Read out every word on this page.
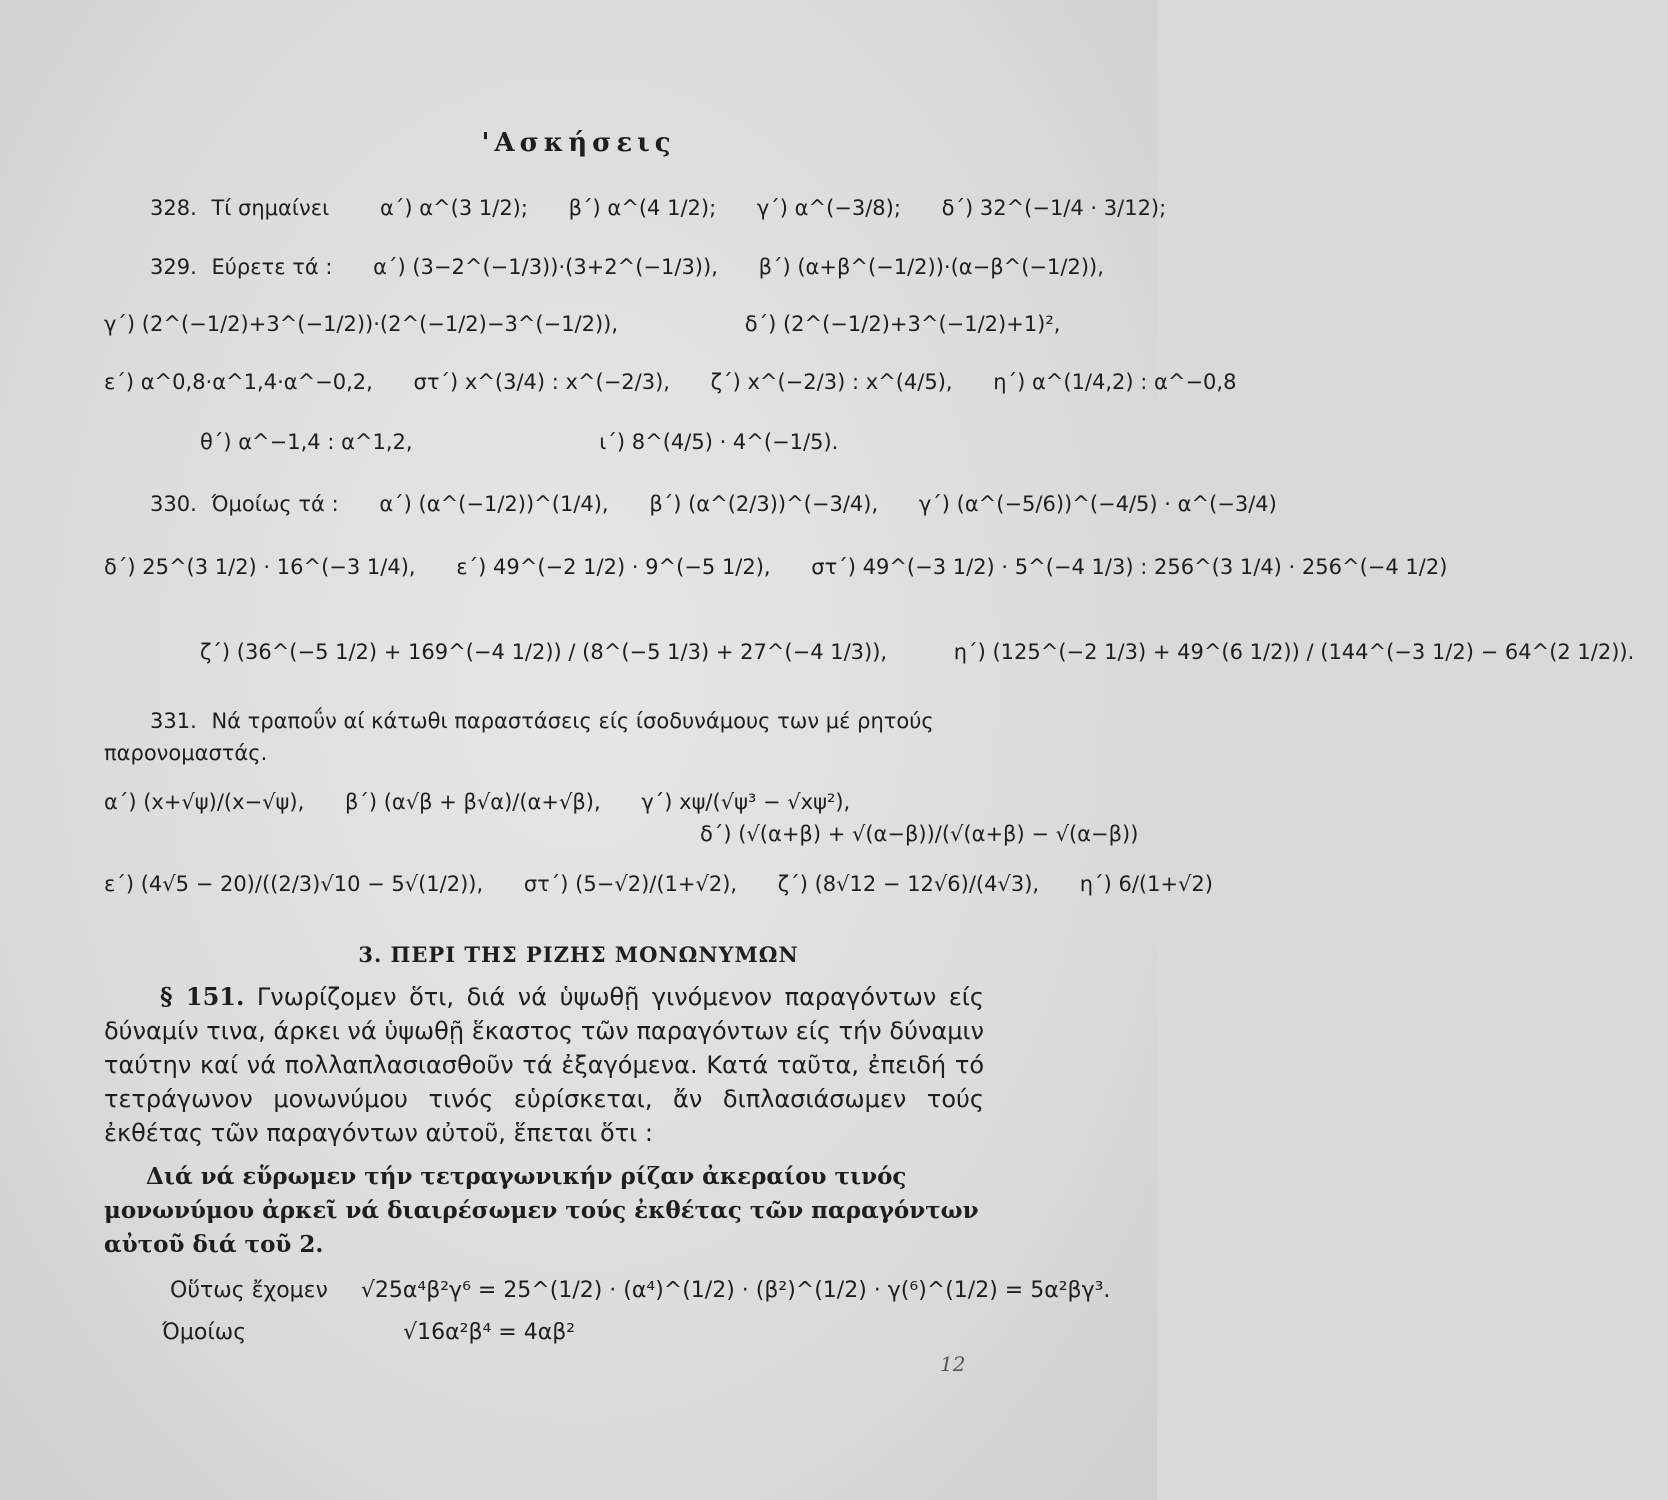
'Ασκήσεις
328. Τί σημαίνει α΄) α^(3 1/2); β΄) α^(4 1/2); γ΄) α^(−3/8); δ΄) 32^(−1/4 · 3/12);
329. Εύρετε τά : α΄) (3−2^(−1/3))·(3+2^(−1/3)), β΄) (α+β^(−1/2))·(α−β^(−1/2)),
γ΄) (2^(−1/2)+3^(−1/2))·(2^(−1/2)−3^(−1/2)),	δ΄) (2^(−1/2)+3^(−1/2)+1)²,
ε΄) α^0,8·α^1,4·α^−0,2, στ΄) x^(3/4) : x^(−2/3), ζ΄) x^(−2/3) : x^(4/5), η΄) α^(1/4,2) : α^−0,8
θ΄) α^−1,4 : α^1,2,	ι΄) 8^(4/5) · 4^(−1/5).
330. Όμοίως τά : α΄) (α^(−1/2))^(1/4), β΄) (α^(2/3))^(−3/4), γ΄) (α^(−5/6))^(−4/5) · α^(−3/4)
δ΄) 25^(3 1/2) · 16^(−3 1/4), ε΄) 49^(−2 1/2) · 9^(−5 1/2), στ΄) 49^(−3 1/2) · 5^(−4 1/3) : 256^(3 1/4) · 256^(−4 1/2)
ζ΄) (36^(−5 1/2) + 169^(−4 1/2)) / (8^(−5 1/3) + 27^(−4 1/3)),	η΄) (125^(−2 1/3) + 49^(6 1/2)) / (144^(−3 1/2) − 64^(2 1/2)).
331. Νά τραποΰν αί κάτωθι παραστάσεις είς ίσοδυνάμους των μέ ρητούς παρονομαστάς.
α΄) (x+√ψ)/(x−√ψ), β΄) (α√β + β√α)/(α+√β), γ΄) xψ/(√ψ³ − √xψ²),
δ΄) (√(α+β) + √(α−β))/(√(α+β) − √(α−β))
ε΄) (4√5 − 20)/((2/3)√10 − 5√(1/2)), στ΄) (5−√2)/(1+√2), ζ΄) (8√12 − 12√6)/(4√3), η΄) 6/(1+√2)
3. ΠΕΡΙ ΤΗΣ ΡΙΖΗΣ ΜΟΝΩΝΥΜΩΝ
§ 151. Γνωρίζομεν ὅτι, διά νά ὑψωθῇ γινόμενον παραγόντων είς δύναμίν τινα, άρκει νά ὑψωθῇ ἕκαστος τῶν παραγόντων είς τήν δύναμιν ταύτην καί νά πολλαπλασιασθοῦν τά ἐξαγόμενα. Κατά ταῦτα, ἐπειδή τό τετράγωνον μονωνύμου τινός εὑρίσκεται, ἄν διπλασιάσωμεν τούς ἐκθέτας τῶν παραγόντων αὐτοῦ, ἕπεται ὅτι :
Διά νά εὕρωμεν τήν τετραγωνικήν ρίζαν ἀκεραίου τινός μονωνύμου ἀρκεῖ νά διαιρέσωμεν τούς ἐκθέτας τῶν παραγόντων αὐτοῦ διά τοῦ 2.
Οὕτως ἔχομεν √25α⁴β²γ⁶ = 25^(1/2) · (α⁴)^(1/2) · (β²)^(1/2) · γ(⁶)^(1/2) = 5α²βγ³.
Όμοίως	√16α²β⁴ = 4αβ²
12
